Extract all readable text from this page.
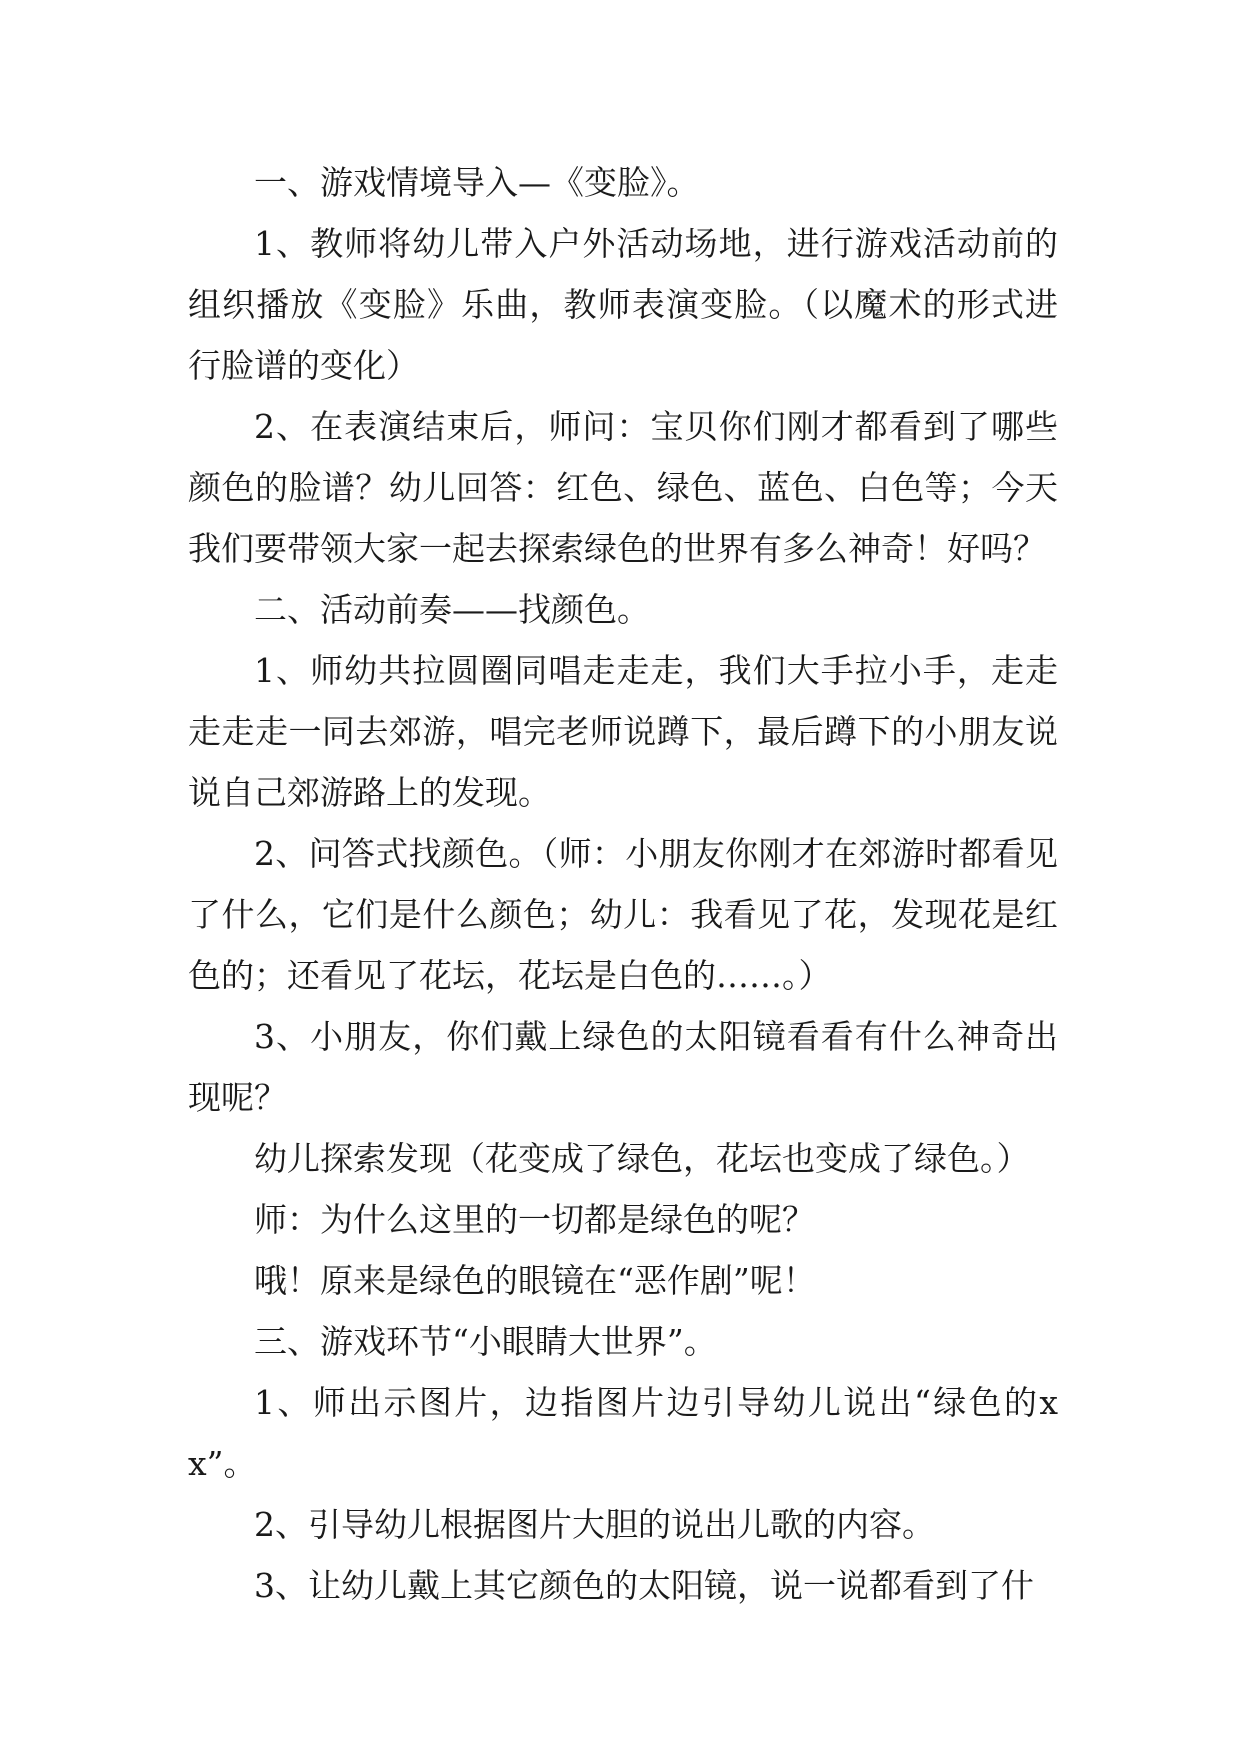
一、游戏情境导入—《变脸》。

1、教师将幼儿带入户外活动场地，进行游戏活动前的组织播放《变脸》乐曲，教师表演变脸。（以魔术的形式进行脸谱的变化）

2、在表演结束后，师问：宝贝你们刚才都看到了哪些颜色的脸谱？幼儿回答：红色、绿色、蓝色、白色等；今天我们要带领大家一起去探索绿色的世界有多么神奇！好吗？

二、活动前奏——找颜色。

1、师幼共拉圆圈同唱走走走，我们大手拉小手，走走走走走一同去郊游，唱完老师说蹲下，最后蹲下的小朋友说说自己郊游路上的发现。

2、问答式找颜色。（师：小朋友你刚才在郊游时都看见了什么，它们是什么颜色；幼儿：我看见了花，发现花是红色的；还看见了花坛，花坛是白色的……。）

3、小朋友，你们戴上绿色的太阳镜看看有什么神奇出现呢？

幼儿探索发现（花变成了绿色，花坛也变成了绿色。）

师：为什么这里的一切都是绿色的呢？

哦！原来是绿色的眼镜在“恶作剧”呢！

三、游戏环节“小眼睛大世界”。

1、师出示图片，边指图片边引导幼儿说出“绿色的xx”。

2、引导幼儿根据图片大胆的说出儿歌的内容。

3、让幼儿戴上其它颜色的太阳镜，说一说都看到了什
